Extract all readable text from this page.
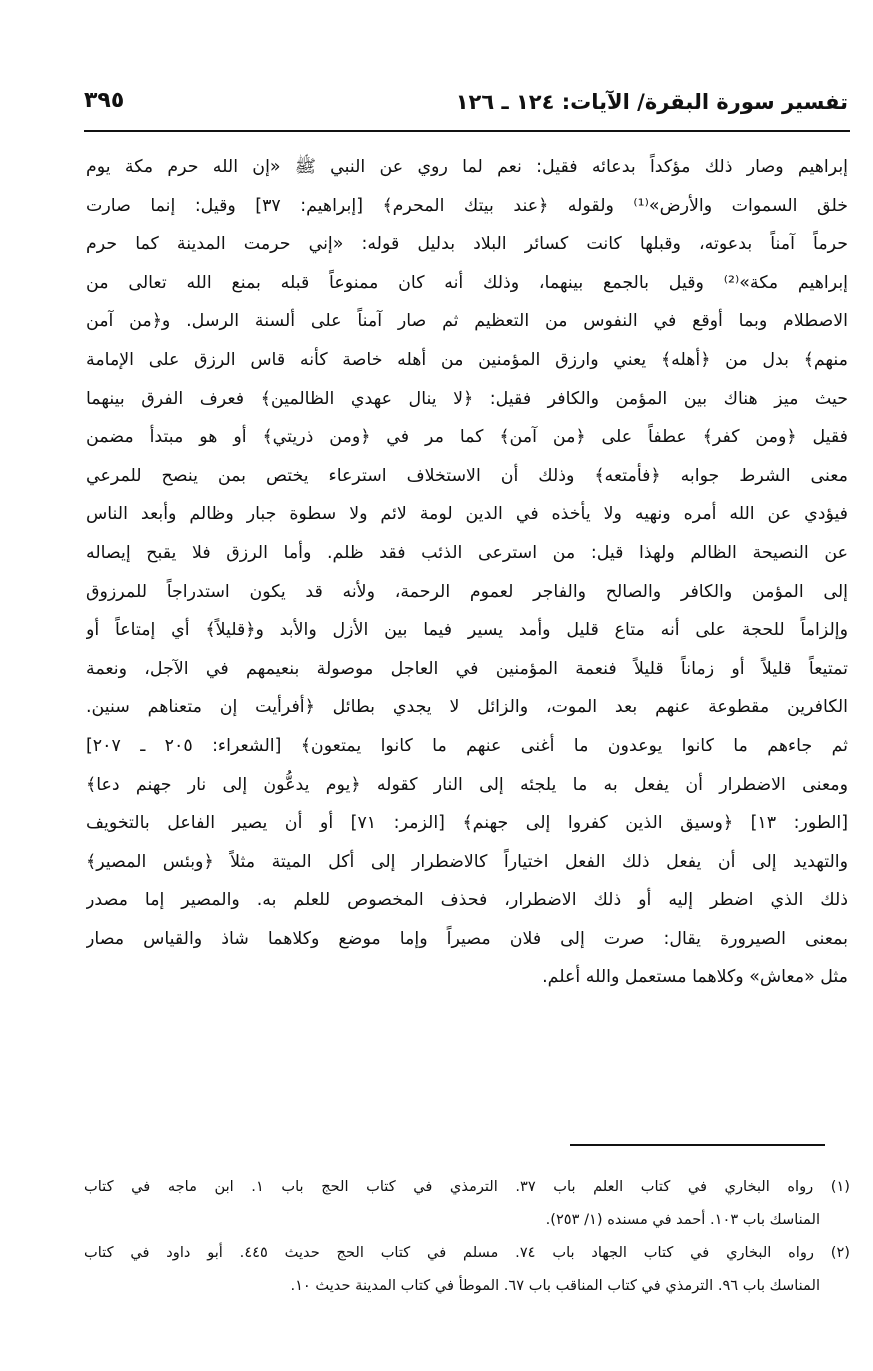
تفسير سورة البقرة/ الآيات: ١٢٤ ـ ١٢٦
٣٩٥
إبراهيم وصار ذلك مؤكداً بدعائه فقيل: نعم لما روي عن النبي ﷺ «إن الله حرم مكة يوم
خلق السموات والأرض»⁽¹⁾ ولقوله ﴿عند بيتك المحرم﴾ [إبراهيم: ٣٧] وقيل: إنما صارت
حرماً آمناً بدعوته، وقبلها كانت كسائر البلاد بدليل قوله: «إني حرمت المدينة كما حرم
إبراهيم مكة»⁽²⁾ وقيل بالجمع بينهما، وذلك أنه كان ممنوعاً قبله بمنع الله تعالى من
الاصطلام وبما أوقع في النفوس من التعظيم ثم صار آمناً على ألسنة الرسل. و﴿من آمن
منهم﴾ بدل من ﴿أهله﴾ يعني وارزق المؤمنين من أهله خاصة كأنه قاس الرزق على الإمامة
حيث ميز هناك بين المؤمن والكافر فقيل: ﴿لا ينال عهدي الظالمين﴾ فعرف الفرق بينهما
فقيل ﴿ومن كفر﴾ عطفاً على ﴿من آمن﴾ كما مر في ﴿ومن ذريتي﴾ أو هو مبتدأ مضمن
معنى الشرط جوابه ﴿فأمتعه﴾ وذلك أن الاستخلاف استرعاء يختص بمن ينصح للمرعي
فيؤدي عن الله أمره ونهيه ولا يأخذه في الدين لومة لائم ولا سطوة جبار وظالم وأبعد الناس
عن النصيحة الظالم ولهذا قيل: من استرعى الذئب فقد ظلم. وأما الرزق فلا يقبح إيصاله
إلى المؤمن والكافر والصالح والفاجر لعموم الرحمة، ولأنه قد يكون استدراجاً للمرزوق
وإلزاماً للحجة على أنه متاع قليل وأمد يسير فيما بين الأزل والأبد و﴿قليلاً﴾ أي إمتاعاً أو
تمتيعاً قليلاً أو زماناً قليلاً فنعمة المؤمنين في العاجل موصولة بنعيمهم في الآجل، ونعمة
الكافرين مقطوعة عنهم بعد الموت، والزائل لا يجدي بطائل ﴿أفرأيت إن متعناهم سنين.
ثم جاءهم ما كانوا يوعدون ما أغنى عنهم ما كانوا يمتعون﴾ [الشعراء: ٢٠٥ ـ ٢٠٧]
ومعنى الاضطرار أن يفعل به ما يلجئه إلى النار كقوله ﴿يوم يدعُّون إلى نار جهنم دعا﴾
[الطور: ١٣] ﴿وسيق الذين كفروا إلى جهنم﴾ [الزمر: ٧١] أو أن يصير الفاعل بالتخويف
والتهديد إلى أن يفعل ذلك الفعل اختياراً كالاضطرار إلى أكل الميتة مثلاً ﴿وبئس المصير﴾
ذلك الذي اضطر إليه أو ذلك الاضطرار، فحذف المخصوص للعلم به. والمصير إما مصدر
بمعنى الصيرورة يقال: صرت إلى فلان مصيراً وإما موضع وكلاهما شاذ والقياس مصار
مثل «معاش» وكلاهما مستعمل والله أعلم.
(١) رواه البخاري في كتاب العلم باب ٣٧. الترمذي في كتاب الحج باب ١. ابن ماجه في كتاب
المناسك باب ١٠٣. أحمد في مسنده (١/ ٢٥٣).
(٢) رواه البخاري في كتاب الجهاد باب ٧٤. مسلم في كتاب الحج حديث ٤٤٥. أبو داود في كتاب
المناسك باب ٩٦. الترمذي في كتاب المناقب باب ٦٧. الموطأ في كتاب المدينة حديث ١٠.
